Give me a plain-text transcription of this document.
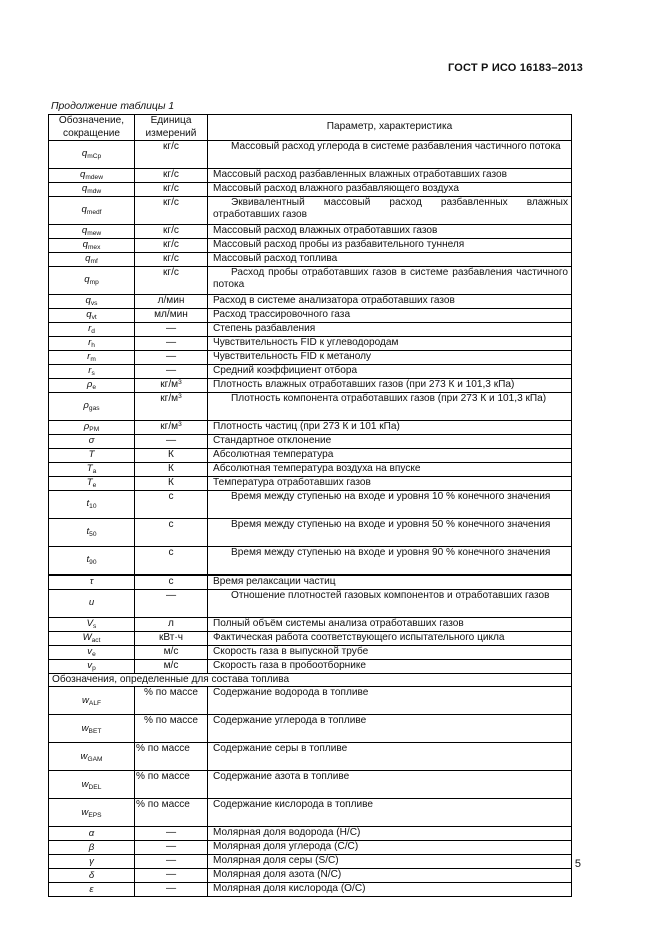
ГОСТ Р ИСО 16183–2013
Продолжение таблицы 1
Обозначение, сокращение	Единица измерений	Параметр, характеристика
$q_{mCp}$	кг/с	Массовый расход углерода в системе разбавления частичного потока
$q_{mdew}$	кг/с	Массовый расход разбавленных влажных отработавших газов
$q_{mdw}$	кг/с	Массовый расход влажного разбавляющего воздуха
$q_{medf}$	кг/с	Эквивалентный массовый расход разбавленных влажных отработавших газов
$q_{mew}$	кг/с	Массовый расход влажных отработавших газов
$q_{mex}$	кг/с	Массовый расход пробы из разбавительного туннеля
$q_{mf}$	кг/с	Массовый расход топлива
$q_{mp}$	кг/с	Расход пробы отработавших газов в системе разбавления частичного потока
$q_{vs}$	л/мин	Расход в системе анализатора отработавших газов
$q_{vt}$	мл/мин	Расход трассировочного газа
$r_d$	—	Степень разбавления
$r_h$	—	Чувствительность FID к углеводородам
$r_m$	—	Чувствительность FID к метанолу
$r_s$	—	Средний коэффициент отбора
$\rho_e$	$кг/м^3$	Плотность влажных отработавших газов (при 273 К и 101,3 кПа)
$\rho_{gas}$	$кг/м^3$	Плотность компонента отработавших газов (при 273 К и 101,3 кПа)
$\rho_{PM}$	$кг/м^3$	Плотность частиц (при 273 К и 101 кПа)
σ	—	Стандартное отклонение
T	К	Абсолютная температура
$T_a$	К	Абсолютная температура воздуха на впуске
$T_e$	К	Температура отработавших газов
$t_{10}$	с	Время между ступенью на входе и уровня 10 % конечного значения
$t_{50}$	с	Время между ступенью на входе и уровня 50 % конечного значения
$t_{90}$	с	Время между ступенью на входе и уровня 90 % конечного значения
τ	с	Время релаксации частиц
u	—	Отношение плотностей газовых компонентов и отработавших газов
$V_s$	л	Полный объём системы анализа отработавших газов
$W_{act}$	кВт·ч	Фактическая работа соответствующего испытательного цикла
$v_e$	м/с	Скорость газа в выпускной трубе
$v_p$	м/с	Скорость газа в пробоотборнике
Обозначения, определенные для состава топлива		
$w_{ALF}$	% по массе	Содержание водорода в топливе
$w_{BET}$	% по массе	Содержание углерода в топливе
$w_{GAM}$	% по массе	Содержание серы в топливе
$w_{DEL}$	% по массе	Содержание азота в топливе
$w_{EPS}$	% по массе	Содержание кислорода в топливе
α	—	Молярная доля водорода (H/C)
β	—	Молярная доля углерода (C/C)
γ	—	Молярная доля серы (S/C)
δ	—	Молярная доля азота (N/C)
ε	—	Молярная доля кислорода (O/C)
5
